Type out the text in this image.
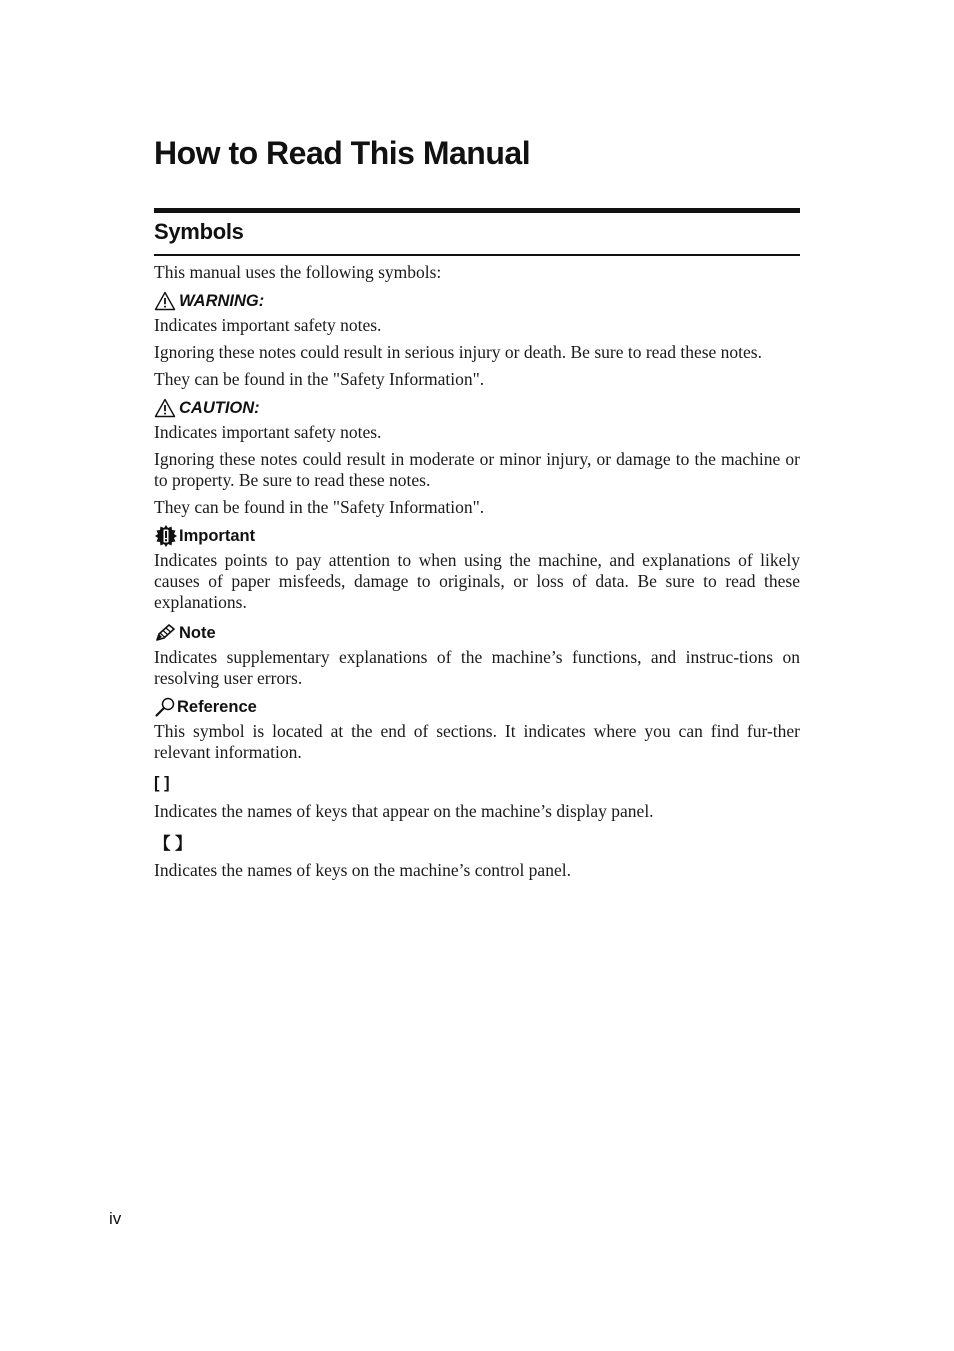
How to Read This Manual
Symbols

This manual uses the following symbols:

WARNING:

Indicates important safety notes.

Ignoring these notes could result in serious injury or death. Be sure to read these notes.

They can be found in the "Safety Information".

CAUTION:

Indicates important safety notes.

Ignoring these notes could result in moderate or minor injury, or damage to the machine or to property. Be sure to read these notes.

They can be found in the "Safety Information".

Important

Indicates points to pay attention to when using the machine, and explanations of likely causes of paper misfeeds, damage to originals, or loss of data. Be sure to read these explanations.

Note

Indicates supplementary explanations of the machine’s functions, and instruc-tions on resolving user errors.

Reference

This symbol is located at the end of sections. It indicates where you can find fur-ther relevant information.

[ ]

Indicates the names of keys that appear on the machine’s display panel.

【 】

Indicates the names of keys on the machine’s control panel.

iv
